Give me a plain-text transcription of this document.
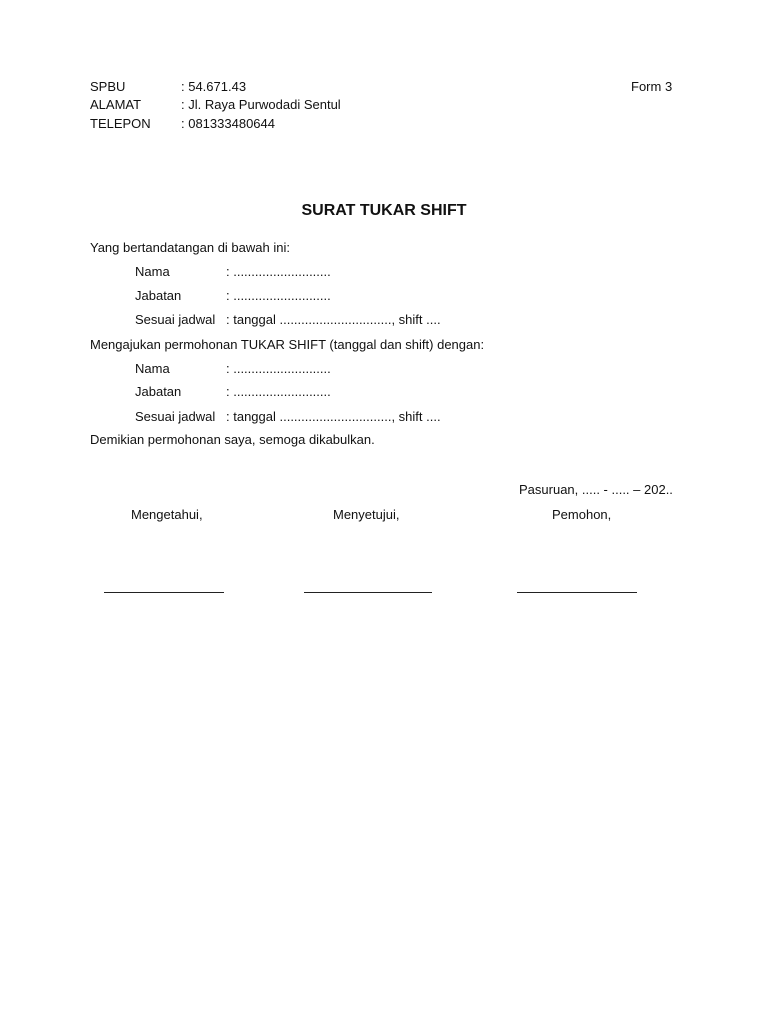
SPBU	: 54.671.43	Form 3
ALAMAT	: Jl. Raya Purwodadi Sentul
TELEPON : 081333480644
SURAT TUKAR SHIFT
Yang bertandatangan di bawah ini:
Nama	: ...........................
Jabatan	: ...........................
Sesuai jadwal : tanggal ..............................., shift ....
Mengajukan permohonan TUKAR SHIFT (tanggal dan shift) dengan:
Nama	: ...........................
Jabatan	: ...........................
Sesuai jadwal : tanggal ..............................., shift ....
Demikian permohonan saya, semoga dikabulkan.
Pasuruan, ..... - ..... – 202..
Mengetahui,	Menyetujui,	Pemohon,
